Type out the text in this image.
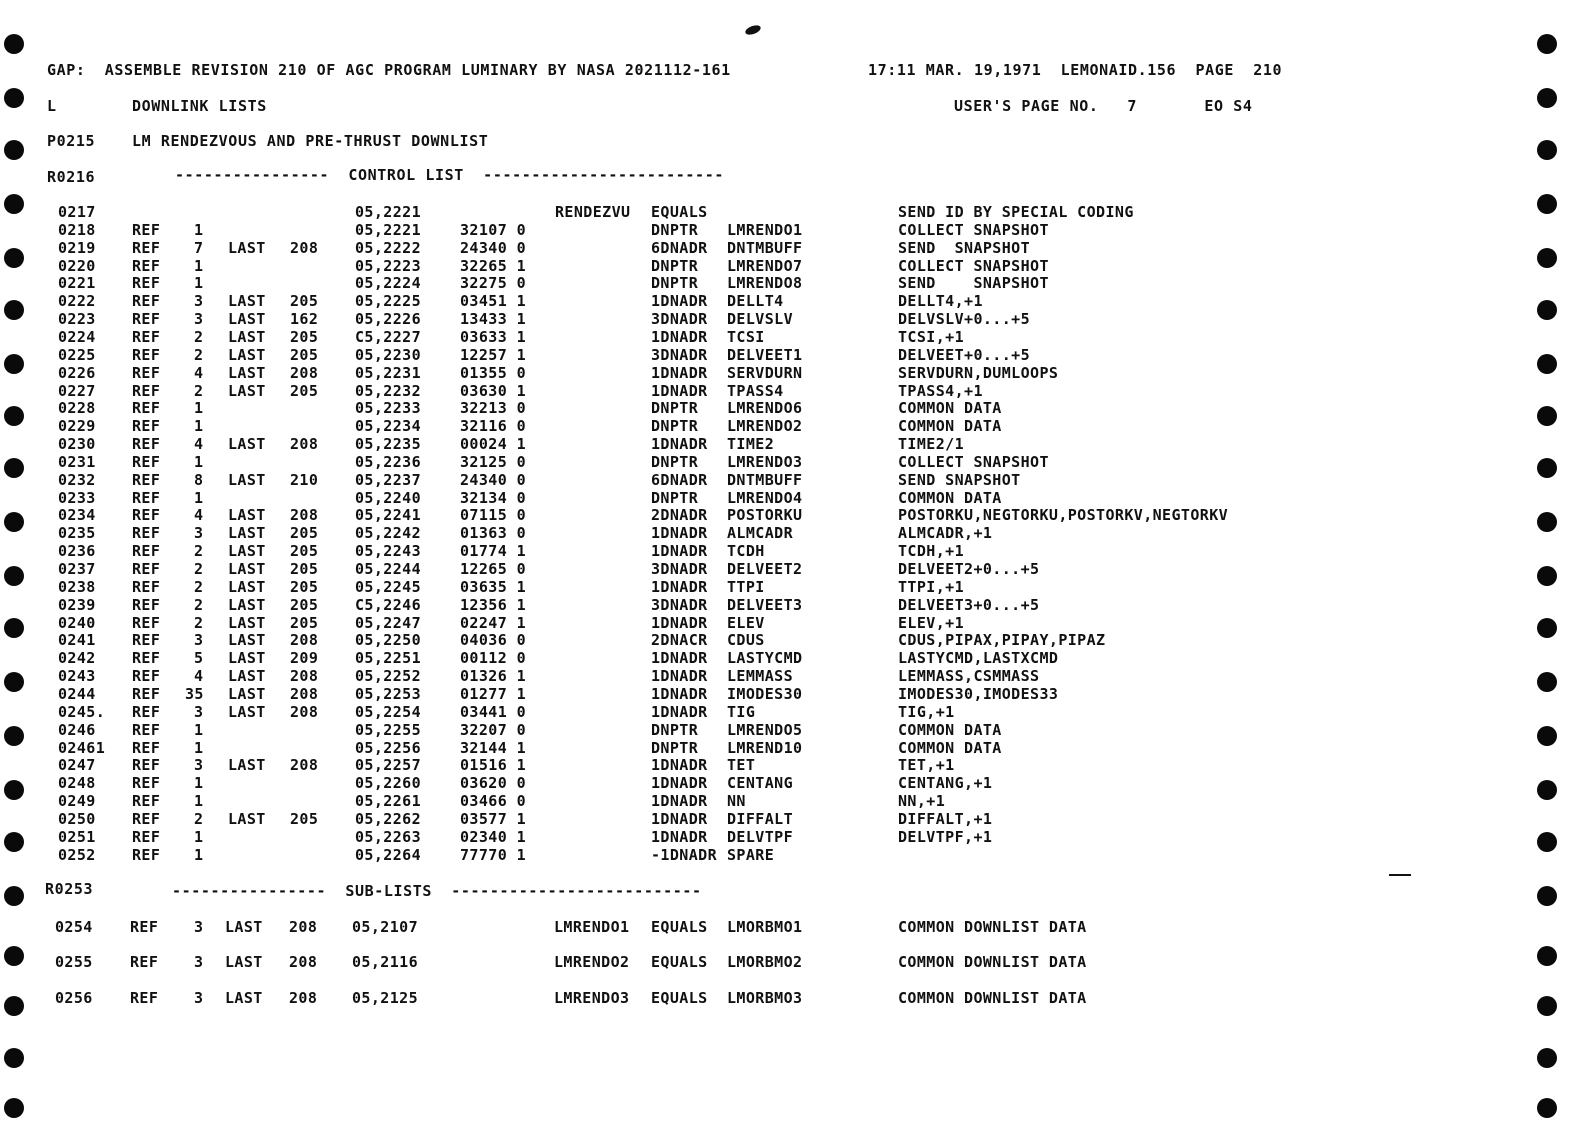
GAP:  ASSEMBLE REVISION 210 OF AGC PROGRAM LUMINARY BY NASA 2021112-161	17:11 MAR. 19,1971  LEMONAID.156  PAGE  210
L	DOWNLINK LISTS	USER'S PAGE NO.   7       EO S4
P0215 LM RENDEZVOUS AND PRE-THRUST DOWNLIST
R0216	----------------  CONTROL LIST  -------------------------
0217	05,2221	RENDEZVU EQUALS	SEND ID BY SPECIAL CODING
0218 REF 1	05,2221	32107 0	DNPTR LMRENDO1	COLLECT SNAPSHOT
0219 REF 7 LAST 208 05,2222	24340 0	6DNADR DNTMBUFF	SEND  SNAPSHOT
0220 REF 1	05,2223	32265 1	DNPTR LMRENDO7	COLLECT SNAPSHOT
0221 REF 1	05,2224	32275 0	DNPTR LMRENDO8	SEND    SNAPSHOT
0222 REF 3 LAST 205 05,2225	03451 1	1DNADR DELLT4	DELLT4,+1
0223 REF 3 LAST 162 05,2226	13433 1	3DNADR DELVSLV	DELVSLV+0...+5
0224 REF 2 LAST 205 C5,2227	03633 1	1DNADR TCSI	TCSI,+1
0225 REF 2 LAST 205 05,2230	12257 1	3DNADR DELVEET1	DELVEET+0...+5
0226 REF 4 LAST 208 05,2231	01355 0	1DNADR SERVDURN	SERVDURN,DUMLOOPS
0227 REF 2 LAST 205 05,2232	03630 1	1DNADR TPASS4	TPASS4,+1
0228 REF 1	05,2233	32213 0	DNPTR LMRENDO6	COMMON DATA
0229 REF 1	05,2234	32116 0	DNPTR LMRENDO2	COMMON DATA
0230 REF 4 LAST 208 05,2235	00024 1	1DNADR TIME2	TIME2/1
0231 REF 1	05,2236	32125 0	DNPTR LMRENDO3	COLLECT SNAPSHOT
0232 REF 8 LAST 210 05,2237	24340 0	6DNADR DNTMBUFF	SEND SNAPSHOT
0233 REF 1	05,2240	32134 0	DNPTR LMRENDO4	COMMON DATA
0234 REF 4 LAST 208 05,2241	07115 0	2DNADR POSTORKU	POSTORKU,NEGTORKU,POSTORKV,NEGTORKV
0235 REF 3 LAST 205 05,2242	01363 0	1DNADR ALMCADR	ALMCADR,+1
0236 REF 2 LAST 205 05,2243	01774 1	1DNADR TCDH	TCDH,+1
0237 REF 2 LAST 205 05,2244	12265 0	3DNADR DELVEET2	DELVEET2+0...+5
0238 REF 2 LAST 205 05,2245	03635 1	1DNADR TTPI	TTPI,+1
0239 REF 2 LAST 205 C5,2246	12356 1	3DNADR DELVEET3	DELVEET3+0...+5
0240 REF 2 LAST 205 05,2247	02247 1	1DNADR ELEV	ELEV,+1
0241 REF 3 LAST 208 05,2250	04036 0	2DNACR CDUS	CDUS,PIPAX,PIPAY,PIPAZ
0242 REF 5 LAST 209 05,2251	00112 0	1DNADR LASTYCMD	LASTYCMD,LASTXCMD
0243 REF 4 LAST 208 05,2252	01326 1	1DNADR LEMMASS	LEMMASS,CSMMASS
0244 REF 35 LAST 208 05,2253	01277 1	1DNADR IMODES30	IMODES30,IMODES33
0245. REF 3 LAST 208 05,2254	03441 0	1DNADR TIG	TIG,+1
0246 REF 1	05,2255	32207 0	DNPTR LMRENDO5	COMMON DATA
02461 REF 1	05,2256	32144 1	DNPTR LMREND10	COMMON DATA
0247 REF 3 LAST 208 05,2257	01516 1	1DNADR TET	TET,+1
0248 REF 1	05,2260	03620 0	1DNADR CENTANG	CENTANG,+1
0249 REF 1	05,2261	03466 0	1DNADR NN	NN,+1
0250 REF 2 LAST 205 05,2262	03577 1	1DNADR DIFFALT	DIFFALT,+1
0251 REF 1	05,2263	02340 1	1DNADR DELVTPF	DELVTPF,+1
0252 REF 1	05,2264	77770 1	-1DNADR SPARE
R0253	----------------  SUB-LISTS  --------------------------
0254 REF 3 LAST 208 05,2107	LMRENDO1 EQUALS LMORBMO1	COMMON DOWNLIST DATA
0255 REF 3 LAST 208 05,2116	LMRENDO2 EQUALS LMORBMO2	COMMON DOWNLIST DATA
0256 REF 3 LAST 208 05,2125	LMRENDO3 EQUALS LMORBMO3	COMMON DOWNLIST DATA
